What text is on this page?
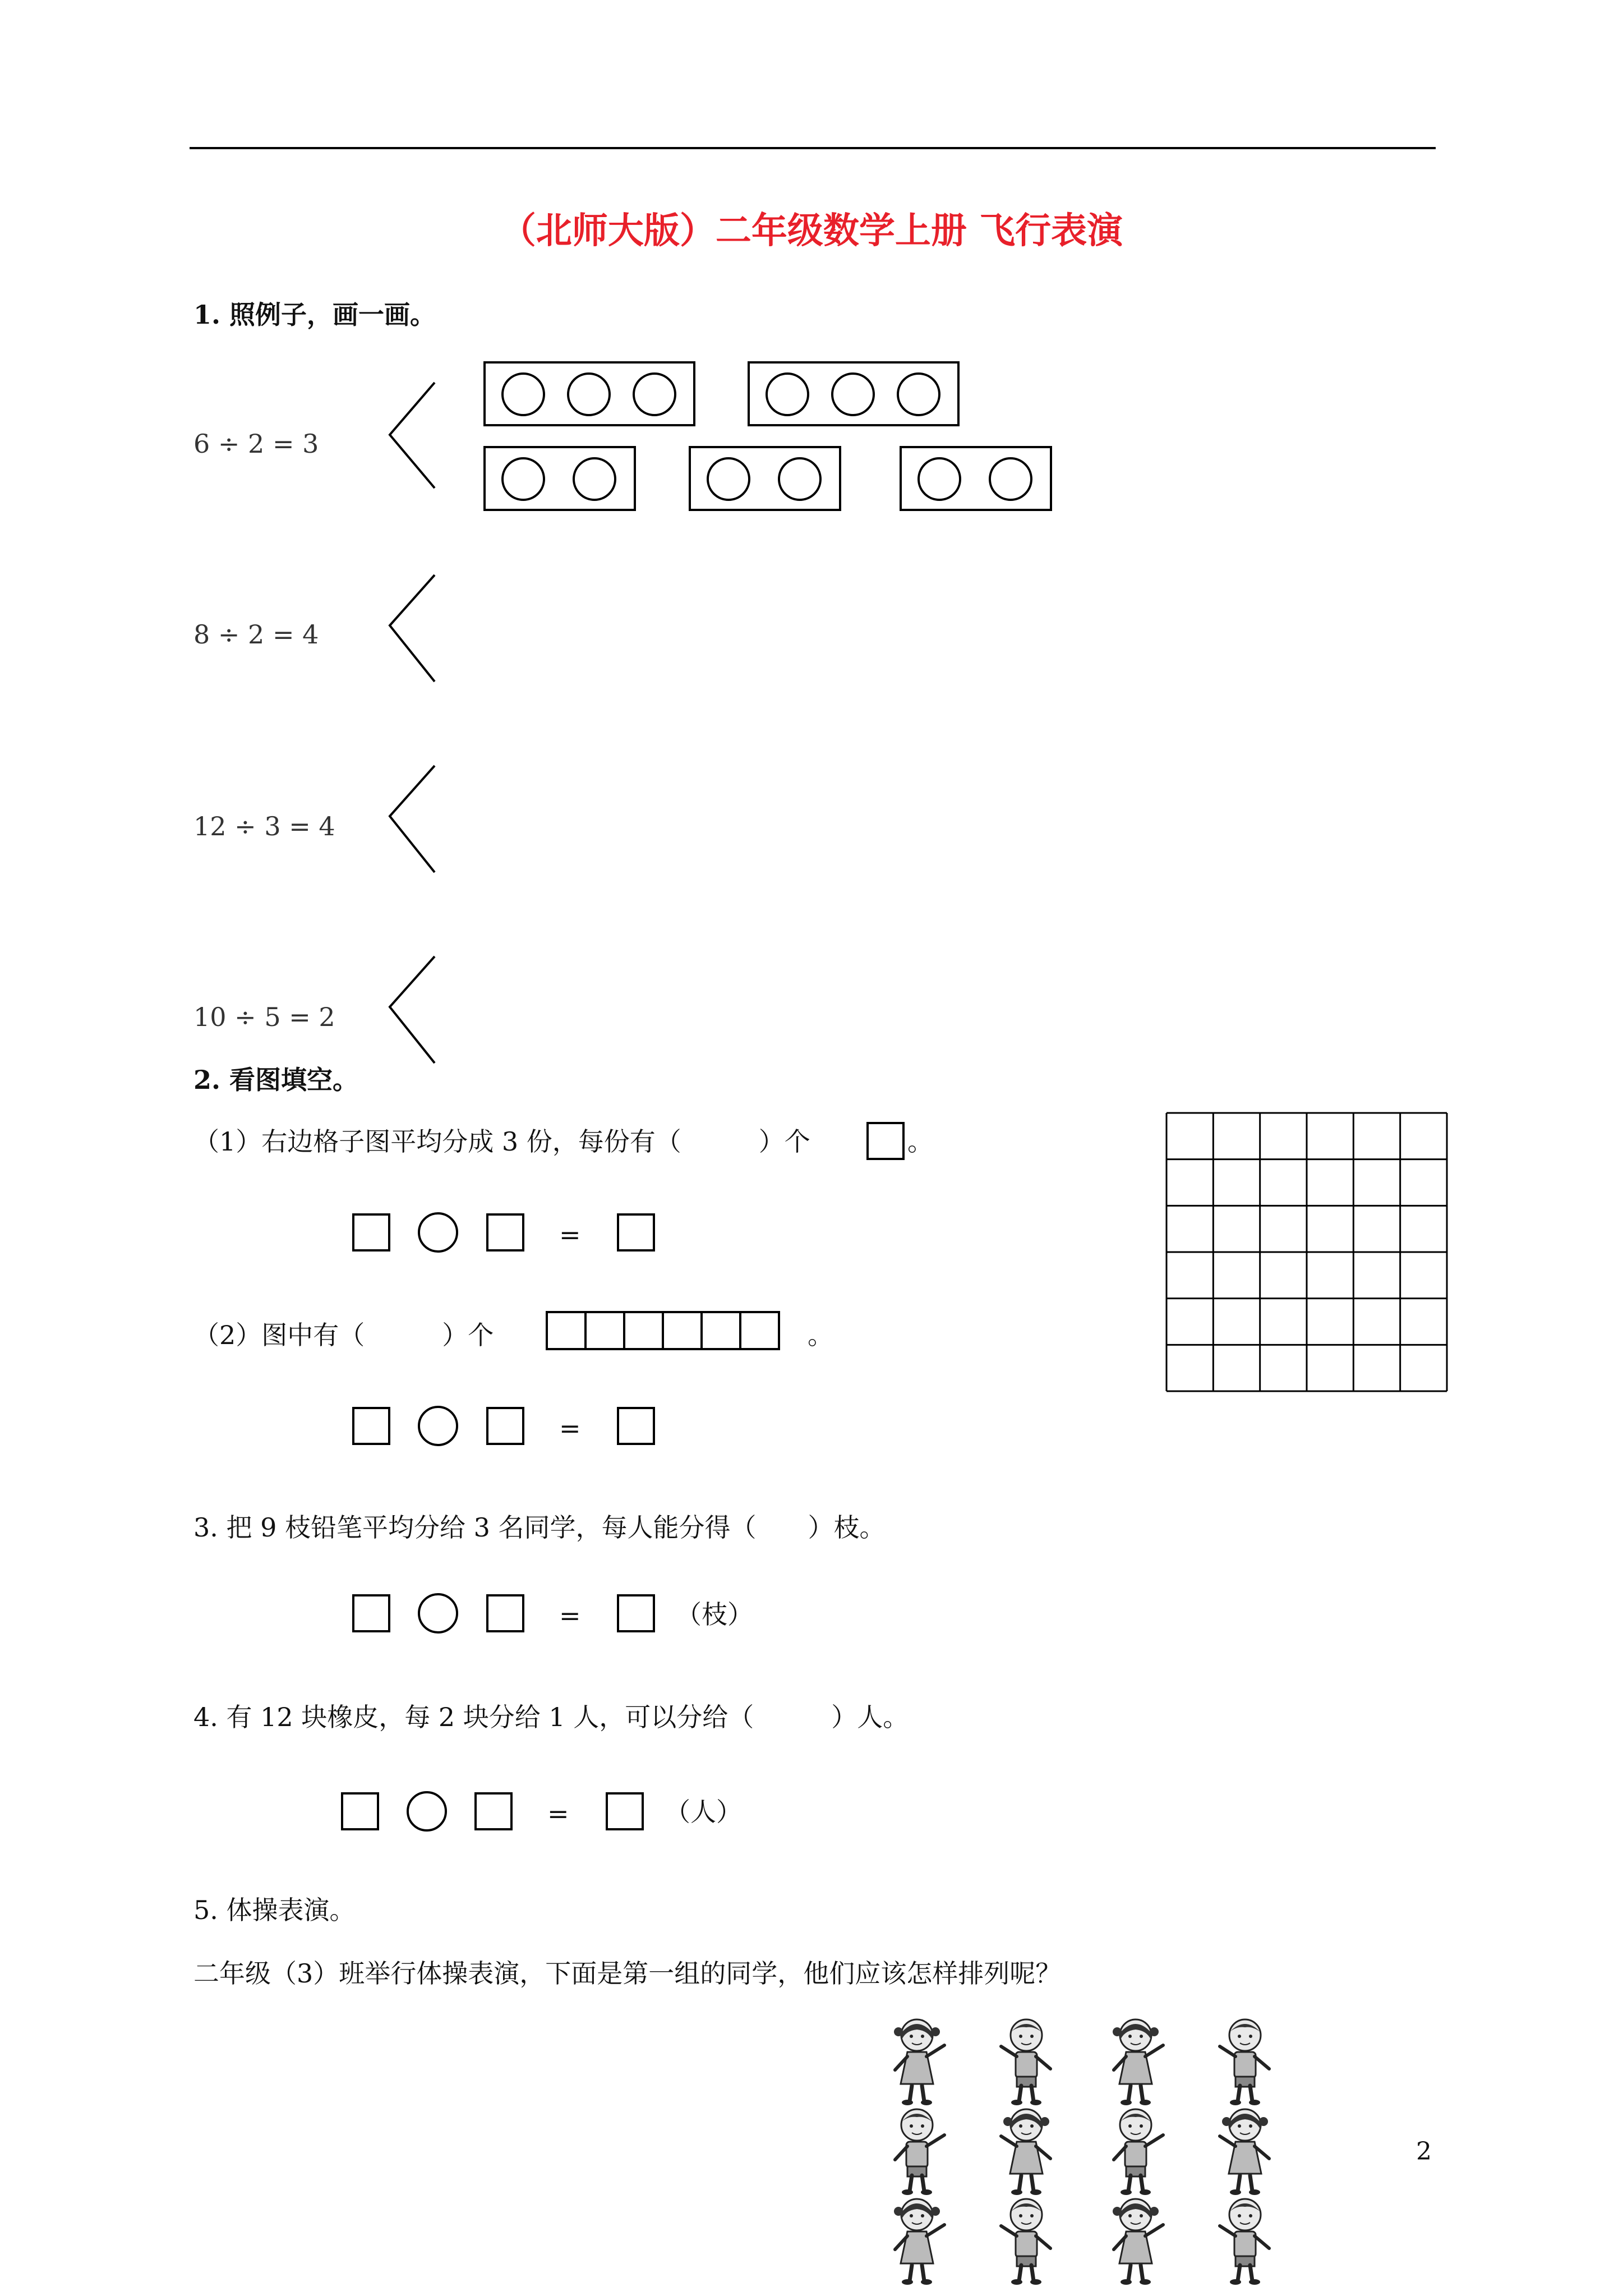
（北师大版）二年级数学上册 飞行表演
1. 照例子，画一画。
6 ÷ 2 = 3
8 ÷ 2 = 4
12 ÷ 3 = 4
10 ÷ 5 = 2
2. 看图填空。
（1）右边格子图平均分成 3 份，每份有（　　　）个	。
=
（2）图中有（　　　）个	。
=
3. 把 9 枝铅笔平均分给 3 名同学，每人能分得（　　）枝。
=	（枝）
4. 有 12 块橡皮，每 2 块分给 1 人，可以分给（　　　）人。
=	（人）
5. 体操表演。
二年级（3）班举行体操表演，下面是第一组的同学，他们应该怎样排列呢？
2
